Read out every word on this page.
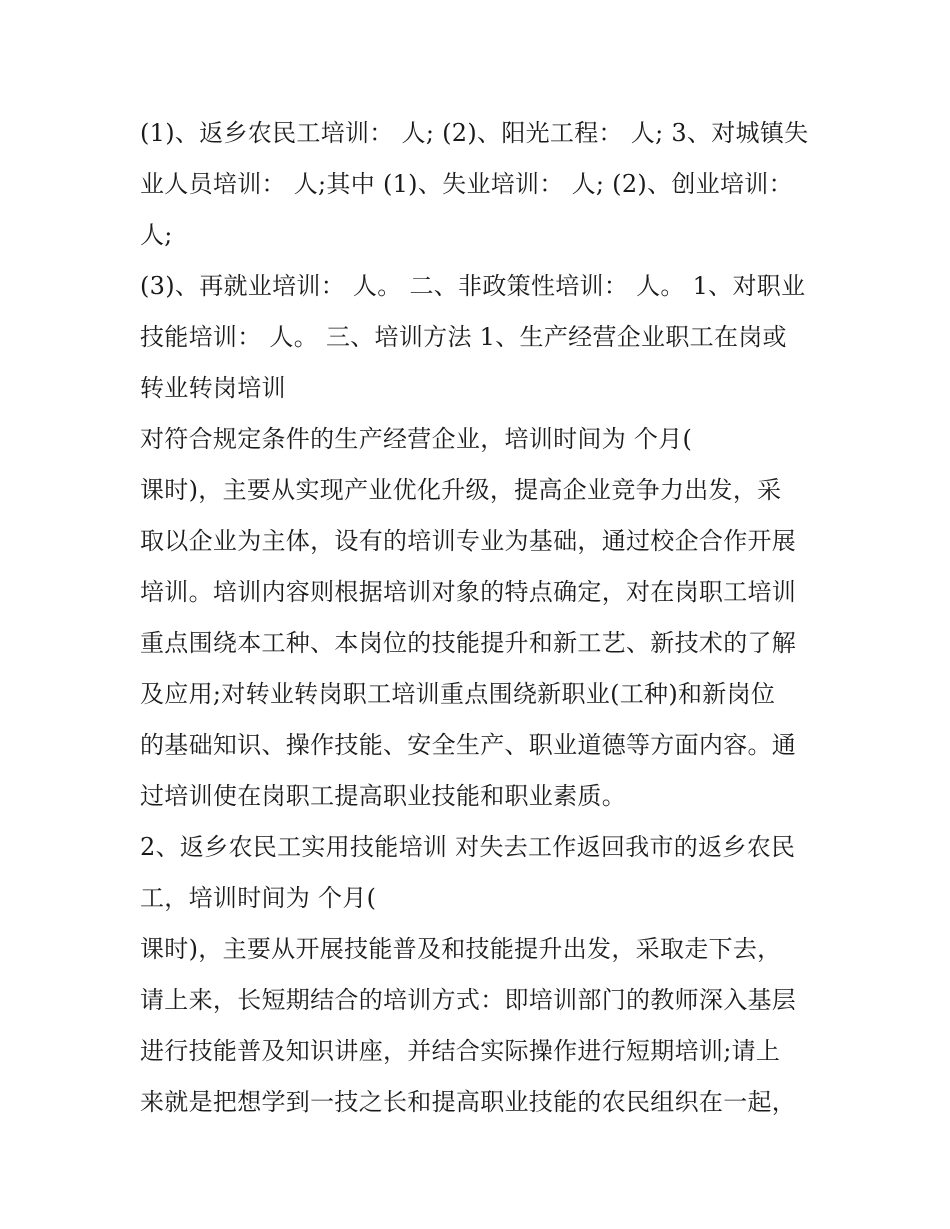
(1)、返乡农民工培训： 人; (2)、阳光工程： 人; 3、对城镇失
业人员培训： 人;其中 (1)、失业培训： 人; (2)、创业培训：
人;
(3)、再就业培训： 人。 二、非政策性培训： 人。 1、对职业
技能培训： 人。 三、培训方法 1、生产经营企业职工在岗或
转业转岗培训
对符合规定条件的生产经营企业，培训时间为 个月(
课时)，主要从实现产业优化升级，提高企业竞争力出发，采
取以企业为主体，设有的培训专业为基础，通过校企合作开展
培训。培训内容则根据培训对象的特点确定，对在岗职工培训
重点围绕本工种、本岗位的技能提升和新工艺、新技术的了解
及应用;对转业转岗职工培训重点围绕新职业(工种)和新岗位
的基础知识、操作技能、安全生产、职业道德等方面内容。通
过培训使在岗职工提高职业技能和职业素质。
2、返乡农民工实用技能培训 对失去工作返回我市的返乡农民
工，培训时间为 个月(
课时)，主要从开展技能普及和技能提升出发，采取走下去，
请上来，长短期结合的培训方式：即培训部门的教师深入基层
进行技能普及知识讲座，并结合实际操作进行短期培训;请上
来就是把想学到一技之长和提高职业技能的农民组织在一起，
